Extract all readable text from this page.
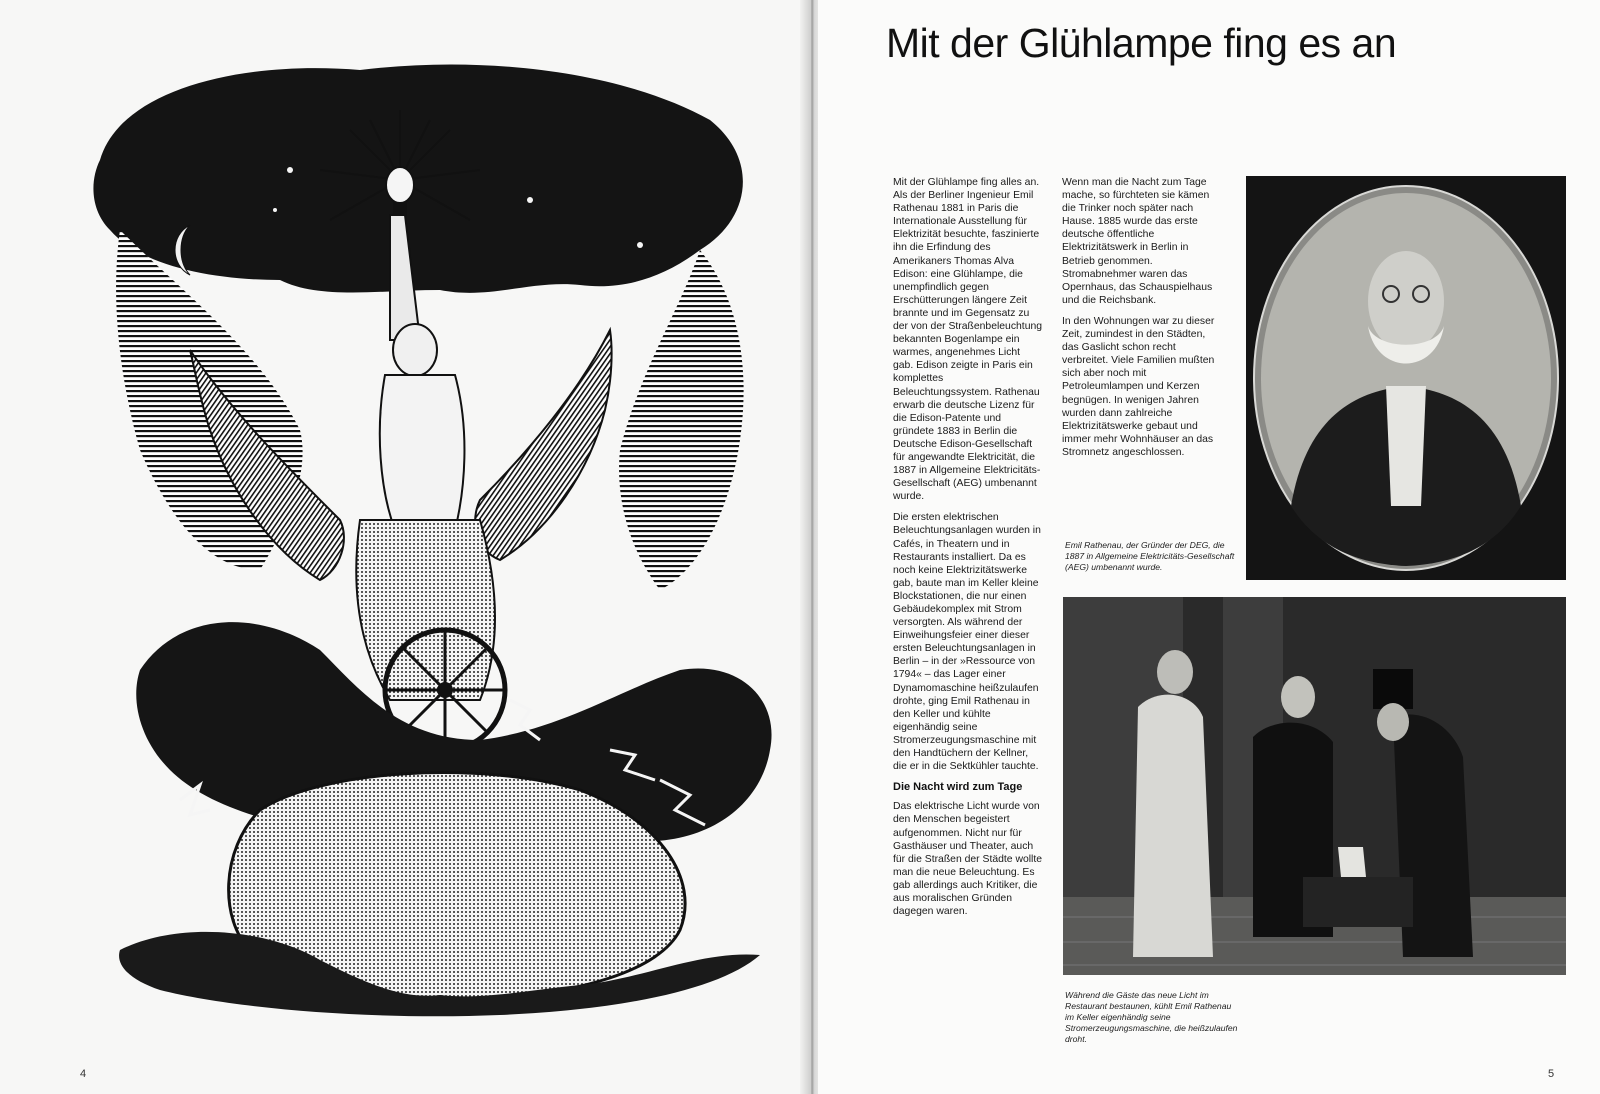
4
Mit der Glühlampe fing es an

Mit der Glühlampe fing alles an. Als der Berliner Ingenieur Emil Rathenau 1881 in Paris die Internationale Ausstellung für Elektrizität besuchte, faszinierte ihn die Erfindung des Amerikaners Thomas Alva Edison: eine Glühlampe, die unempfindlich gegen Erschütterungen längere Zeit brannte und im Gegensatz zu der von der Straßenbeleuchtung bekannten Bogenlampe ein warmes, angenehmes Licht gab. Edison zeigte in Paris ein komplettes Beleuchtungssystem. Rathenau erwarb die deutsche Lizenz für die Edison-Patente und gründete 1883 in Berlin die Deutsche Edison-Gesellschaft für angewandte Elektricität, die 1887 in Allgemeine Elektricitäts-Gesellschaft (AEG) umbenannt wurde.

Die ersten elektrischen Beleuchtungsanlagen wurden in Cafés, in Theatern und in Restaurants installiert. Da es noch keine Elektrizitätswerke gab, baute man im Keller kleine Blockstationen, die nur einen Gebäudekomplex mit Strom versorgten. Als während der Einweihungsfeier einer dieser ersten Beleuchtungsanlagen in Berlin – in der »Ressource von 1794« – das Lager einer Dynamomaschine heißzulaufen drohte, ging Emil Rathenau in den Keller und kühlte eigenhändig seine Stromerzeugungsmaschine mit den Handtüchern der Kellner, die er in die Sektkühler tauchte.

Die Nacht wird zum Tage

Das elektrische Licht wurde von den Menschen begeistert aufgenommen. Nicht nur für Gasthäuser und Theater, auch für die Straßen der Städte wollte man die neue Beleuchtung. Es gab allerdings auch Kritiker, die aus moralischen Gründen dagegen waren.

Wenn man die Nacht zum Tage mache, so fürchteten sie kämen die Trinker noch später nach Hause. 1885 wurde das erste deutsche öffentliche Elektrizitätswerk in Berlin in Betrieb genommen. Stromabnehmer waren das Opernhaus, das Schauspielhaus und die Reichsbank.

In den Wohnungen war zu dieser Zeit, zumindest in den Städten, das Gaslicht schon recht verbreitet. Viele Familien mußten sich aber noch mit Petroleumlampen und Kerzen begnügen. In wenigen Jahren wurden dann zahlreiche Elektrizitätswerke gebaut und immer mehr Wohnhäuser an das Stromnetz angeschlossen.

Emil Rathenau, der Gründer der DEG, die 1887 in Allgemeine Elektricitäts-Gesellschaft (AEG) umbenannt wurde.

Während die Gäste das neue Licht im Restaurant bestaunen, kühlt Emil Rathenau im Keller eigenhändig seine Stromerzeugungsmaschine, die heißzulaufen droht.

5
